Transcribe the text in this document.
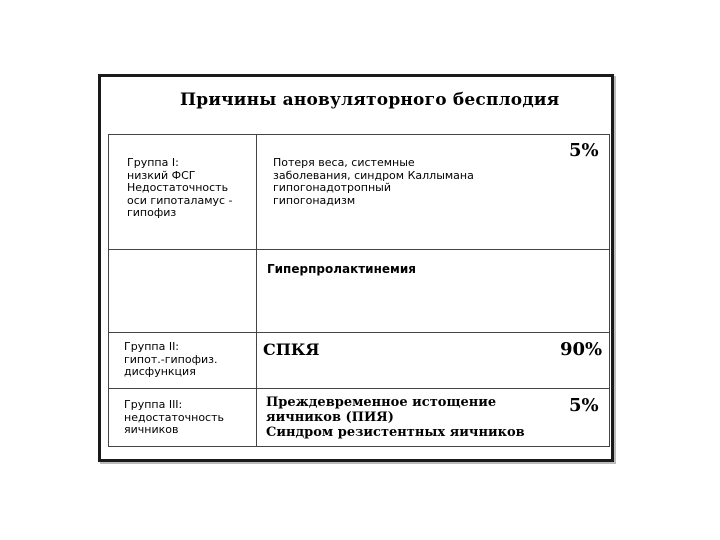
Причины ановуляторного бесплодия
Группа I:
низкий ФСГ
Недостаточность
оси гипоталамус -
гипофиз
Потеря веса, системные
заболевания, синдром Каллымана
гипогонадотропный
гипогонадизм
5%
Гиперпролактинемия
Группа II:
гипот.-гипофиз.
дисфункция
СПКЯ	90%
Группа III:
недостаточность
яичников
Преждевременное истощение
яичников (ПИЯ)
Синдром резистентных яичников
5%
